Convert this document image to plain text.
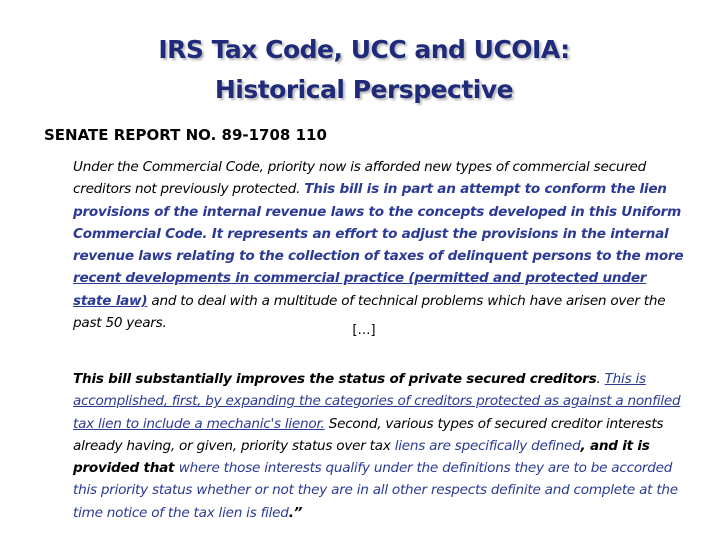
IRS Tax Code, UCC and UCOIA:
Historical Perspective
SENATE REPORT NO. 89-1708 110
Under the Commercial Code, priority now is afforded new types of commercial secured creditors not previously protected. This bill is in part an attempt to conform the lien provisions of the internal revenue laws to the concepts developed in this Uniform Commercial Code. It represents an effort to adjust the provisions in the internal revenue laws relating to the collection of taxes of delinquent persons to the more recent developments in commercial practice (permitted and protected under state law) and to deal with a multitude of technical problems which have arisen over the past 50 years.	[…]
This bill substantially improves the status of private secured creditors. This is accomplished, first, by expanding the categories of creditors protected as against a nonfiled tax lien to include a mechanic's lienor. Second, various types of secured creditor interests already having, or given, priority status over tax liens are specifically defined, and it is provided that where those interests qualify under the definitions they are to be accorded this priority status whether or not they are in all other respects definite and complete at the time notice of the tax lien is filed.”
